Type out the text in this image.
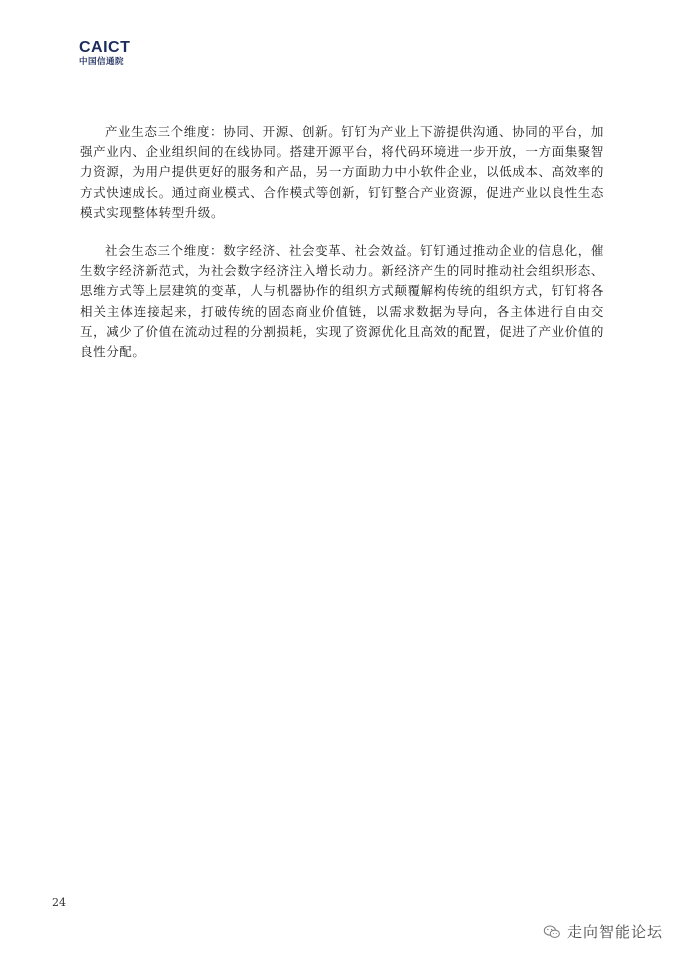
CAICT
中国信通院

产业生态三个维度：协同、开源、创新。钉钉为产业上下游提供沟通、协同的平台，加强产业内、企业组织间的在线协同。搭建开源平台，将代码环境进一步开放，一方面集聚智力资源，为用户提供更好的服务和产品，另一方面助力中小软件企业，以低成本、高效率的方式快速成长。通过商业模式、合作模式等创新，钉钉整合产业资源，促进产业以良性生态模式实现整体转型升级。

社会生态三个维度：数字经济、社会变革、社会效益。钉钉通过推动企业的信息化，催生数字经济新范式，为社会数字经济注入增长动力。新经济产生的同时推动社会组织形态、思维方式等上层建筑的变革，人与机器协作的组织方式颠覆解构传统的组织方式，钉钉将各相关主体连接起来，打破传统的固态商业价值链，以需求数据为导向，各主体进行自由交互，减少了价值在流动过程的分割损耗，实现了资源优化且高效的配置，促进了产业价值的良性分配。

24
走向智能论坛
